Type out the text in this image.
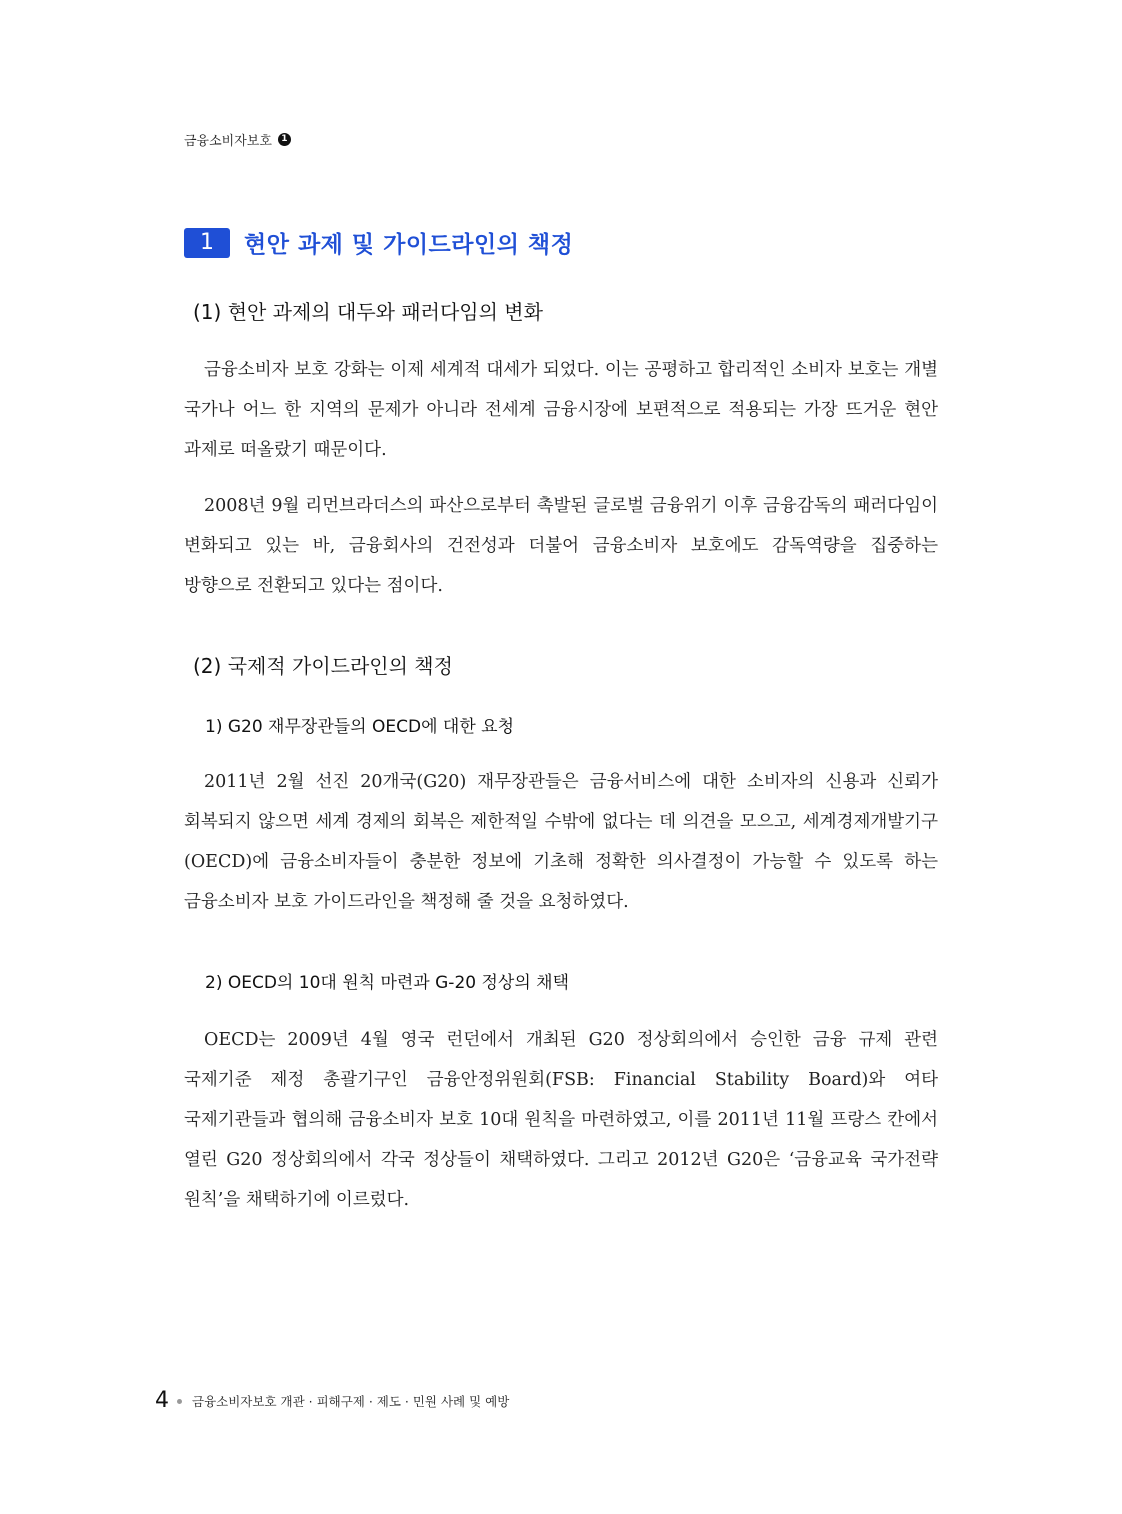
금융소비자보호	1
1	현안 과제 및 가이드라인의 책정
(1) 현안 과제의 대두와 패러다임의 변화

금융소비자 보호 강화는 이제 세계적 대세가 되었다. 이는 공평하고 합리적인 소비자 보호는 개별 국가나 어느 한 지역의 문제가 아니라 전세계 금융시장에 보편적으로 적용되는 가장 뜨거운 현안 과제로 떠올랐기 때문이다.

2008년 9월 리먼브라더스의 파산으로부터 촉발된 글로벌 금융위기 이후 금융감독의 패러다임이 변화되고 있는 바, 금융회사의 건전성과 더불어 금융소비자 보호에도 감독역량을 집중하는 방향으로 전환되고 있다는 점이다.

(2) 국제적 가이드라인의 책정
1) G20 재무장관들의 OECD에 대한 요청

2011년 2월 선진 20개국(G20) 재무장관들은 금융서비스에 대한 소비자의 신용과 신뢰가 회복되지 않으면 세계 경제의 회복은 제한적일 수밖에 없다는 데 의견을 모으고, 세계경제개발기구(OECD)에 금융소비자들이 충분한 정보에 기초해 정확한 의사결정이 가능할 수 있도록 하는 금융소비자 보호 가이드라인을 책정해 줄 것을 요청하였다.

2) OECD의 10대 원칙 마련과 G-20 정상의 채택

OECD는 2009년 4월 영국 런던에서 개최된 G20 정상회의에서 승인한 금융 규제 관련 국제기준 제정 총괄기구인 금융안정위원회(FSB: Financial Stability Board)와 여타 국제기관들과 협의해 금융소비자 보호 10대 원칙을 마련하였고, 이를 2011년 11월 프랑스 칸에서 열린 G20 정상회의에서 각국 정상들이 채택하였다. 그리고 2012년 G20은 ‘금융교육 국가전략 원칙’을 채택하기에 이르렀다.

4 금융소비자보호 개관 · 피해구제 · 제도 · 민원 사례 및 예방
